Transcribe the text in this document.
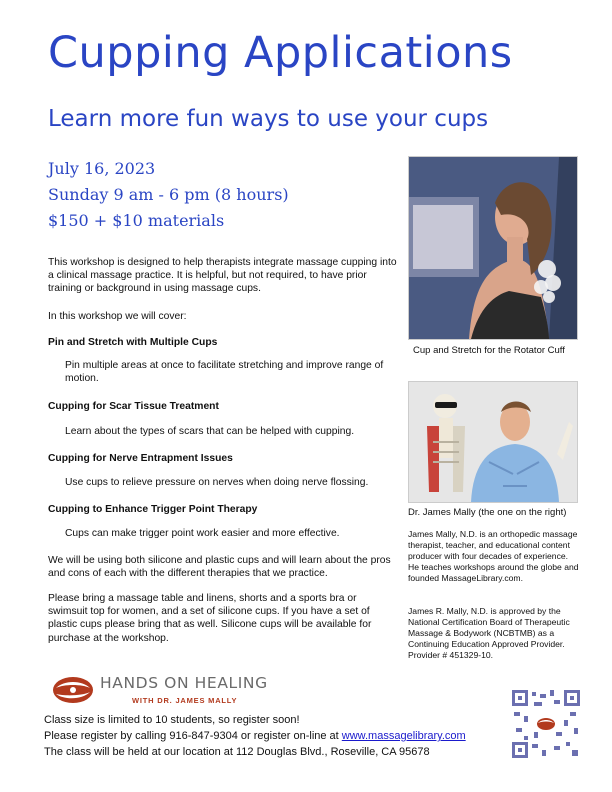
Cupping Applications
Learn more fun ways to use your cups
July 16, 2023
Sunday 9 am - 6 pm (8 hours)
$150 + $10 materials

This workshop is designed to help therapists integrate massage cupping into a clinical massage practice. It is helpful, but not required, to have prior training or background in using massage cups.

In this workshop we will cover:
Pin and Stretch with Multiple Cups
Pin multiple areas at once to facilitate stretching and improve range of motion.
Cupping for Scar Tissue Treatment
Learn about the types of scars that can be helped with cupping.
Cupping for Nerve Entrapment Issues
Use cups to relieve pressure on nerves when doing nerve flossing.
Cupping to Enhance Trigger Point Therapy
Cups can make trigger point work easier and more effective.
We will be using both silicone and plastic cups and will learn about the pros and cons of each with the different therapies that we practice.
Please bring a massage table and linens, shorts and a sports bra or swimsuit top for women, and a set of silicone cups. If you have a set of plastic cups please bring that as well. Silicone cups will be available for purchase at the workshop.
Cup and Stretch for the Rotator Cuff
Dr. James Mally (the one on the right)
James Mally, N.D. is an orthopedic massage therapist, teacher, and educational content producer with four decades of experience. He teaches workshops around the globe and founded MassageLibrary.com.
James R. Mally, N.D. is approved by the National Certification Board of Therapeutic Massage & Bodywork (NCBTMB) as a Continuing Education Approved Provider. Provider # 451329-10.
HANDS ON HEALING
WITH DR. JAMES MALLY
Class size is limited to 10 students, so register soon!
Please register by calling 916-847-9304 or register on-line at www.massagelibrary.com
The class will be held at our location at 112 Douglas Blvd., Roseville, CA 95678
